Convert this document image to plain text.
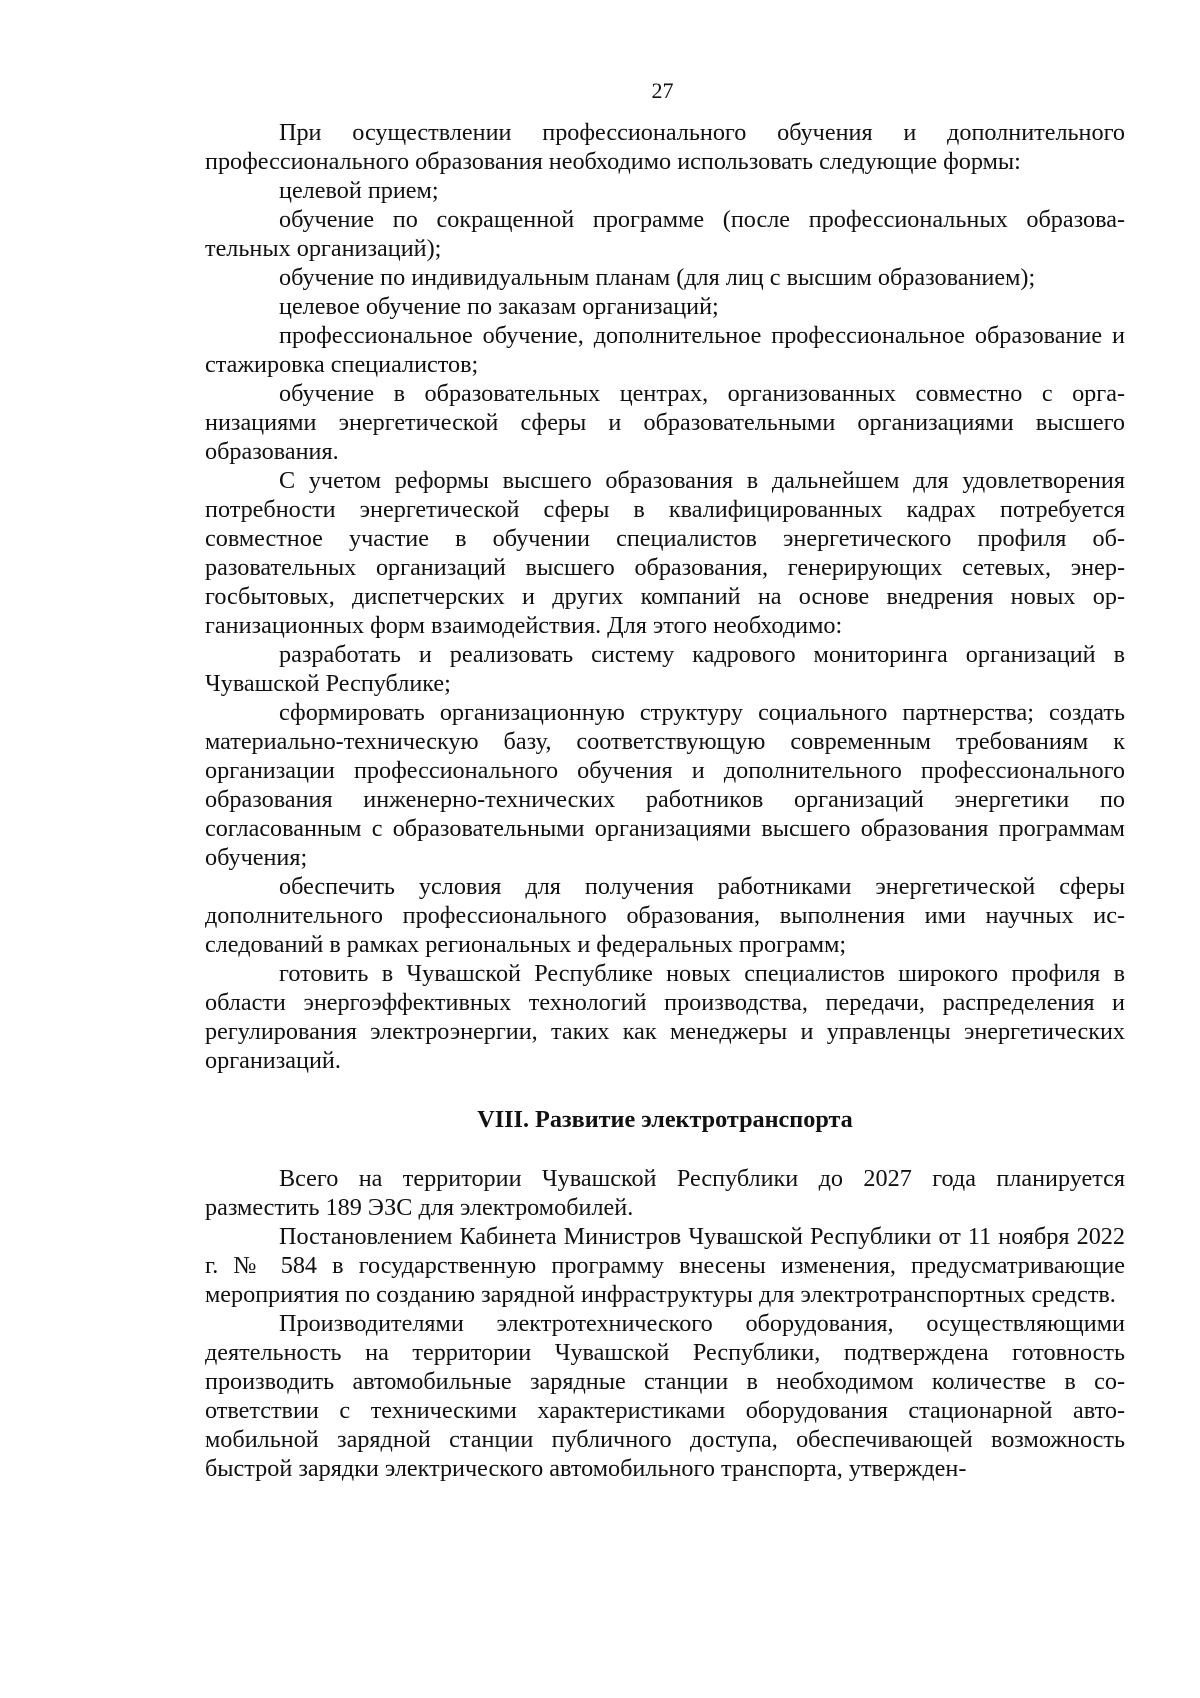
27

При осуществлении профессионального обучения и дополнительного профессионального образования необходимо использовать следующие формы:

целевой прием;

обучение по сокращенной программе (после профессиональных образовательных организаций);

обучение по индивидуальным планам (для лиц с высшим образованием);

целевое обучение по заказам организаций;

профессиональное обучение, дополнительное профессиональное образование и стажировка специалистов;

обучение в образовательных центрах, организованных совместно с организациями энергетической сферы и образовательными организациями высшего образования.

С учетом реформы высшего образования в дальнейшем для удовлетворения потребности энергетической сферы в квалифицированных кадрах потребуется совместное участие в обучении специалистов энергетического профиля образовательных организаций высшего образования, генерирующих сетевых, энергосбытовых, диспетчерских и других компаний на основе внедрения новых организационных форм взаимодействия. Для этого необходимо:

разработать и реализовать систему кадрового мониторинга организаций в Чувашской Республике;

сформировать организационную структуру социального партнерства; создать материально-техническую базу, соответствующую современным требованиям к организации профессионального обучения и дополнительного профессионального образования инженерно-технических работников организаций энергетики по согласованным с образовательными организациями высшего образования программам обучения;

обеспечить условия для получения работниками энергетической сферы дополнительного профессионального образования, выполнения ими научных исследований в рамках региональных и федеральных программ;

готовить в Чувашской Республике новых специалистов широкого профиля в области энергоэффективных технологий производства, передачи, распределения и регулирования электроэнергии, таких как менеджеры и управленцы энергетических организаций.

VIII. Развитие электротранспорта

Всего на территории Чувашской Республики до 2027 года планируется разместить 189 ЭЗС для электромобилей.

Постановлением Кабинета Министров Чувашской Республики от 11 ноября 2022 г. № 584 в государственную программу внесены изменения, предусматривающие мероприятия по созданию зарядной инфраструктуры для электротранспортных средств.

Производителями электротехнического оборудования, осуществляющими деятельность на территории Чувашской Республики, подтверждена готовность производить автомобильные зарядные станции в необходимом количестве в соответствии с техническими характеристиками оборудования стационарной автомобильной зарядной станции публичного доступа, обеспечивающей возможность быстрой зарядки электрического автомобильного транспорта, утвержден-
